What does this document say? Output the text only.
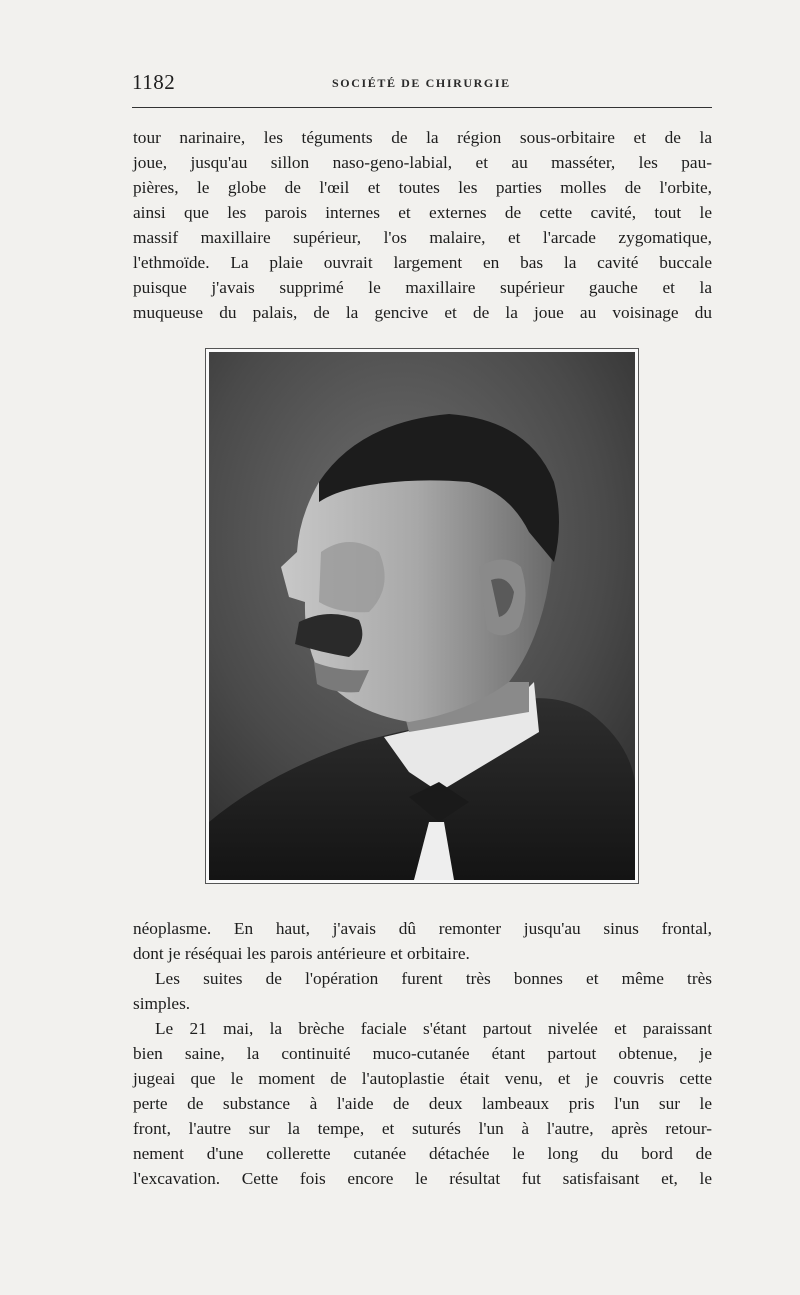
1182	SOCIÉTÉ DE CHIRURGIE
tour narinaire, les téguments de la région sous-orbitaire et de la
joue, jusqu'au sillon naso-geno-labial, et au masséter, les pau-
pières, le globe de l'œil et toutes les parties molles de l'orbite,
ainsi que les parois internes et externes de cette cavité, tout le
massif maxillaire supérieur, l'os malaire, et l'arcade zygomatique,
l'ethmoïde. La plaie ouvrait largement en bas la cavité buccale
puisque j'avais supprimé le maxillaire supérieur gauche et la
muqueuse du palais, de la gencive et de la joue au voisinage du
néoplasme. En haut, j'avais dû remonter jusqu'au sinus frontal,
dont je réséquai les parois antérieure et orbitaire.
Les suites de l'opération furent très bonnes et même très
simples.
Le 21 mai, la brèche faciale s'étant partout nivelée et paraissant
bien saine, la continuité muco-cutanée étant partout obtenue, je
jugeai que le moment de l'autoplastie était venu, et je couvris cette
perte de substance à l'aide de deux lambeaux pris l'un sur le
front, l'autre sur la tempe, et suturés l'un à l'autre, après retour-
nement d'une collerette cutanée détachée le long du bord de
l'excavation. Cette fois encore le résultat fut satisfaisant et, le
